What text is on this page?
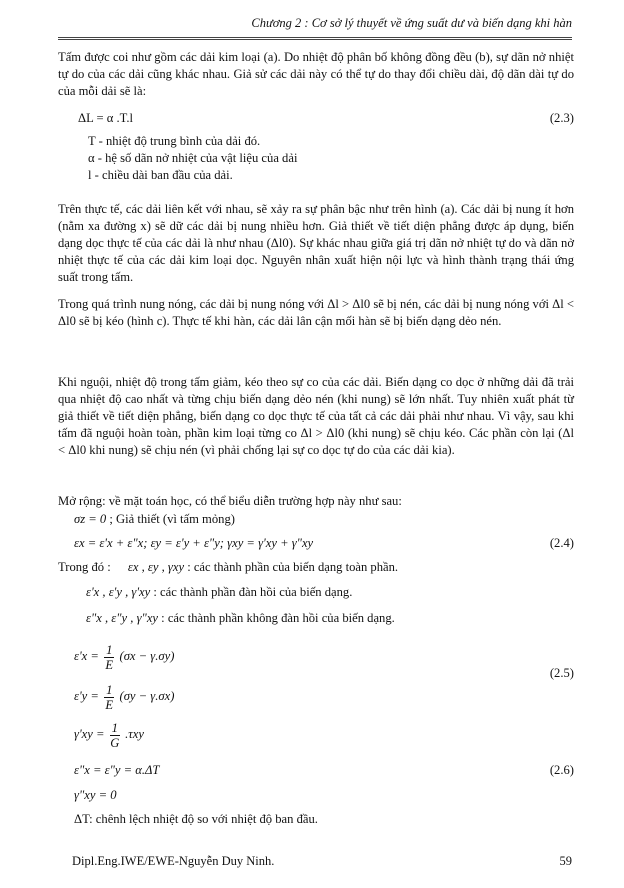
Chương 2 : Cơ sở lý thuyết về ứng suất dư và biến dạng khi hàn

Tấm được coi như gồm các dải kim loại (a). Do nhiệt độ phân bố không đồng đều (b), sự dãn nở nhiệt tự do của các dải cũng khác nhau. Giả sử các dải này có thể tự do thay đổi chiều dài, độ dãn dài tự do của mỗi dải sẽ là:

ΔL = α .T.l	(2.3)
T - nhiệt độ trung bình của dải đó.
α - hệ số dãn nở nhiệt của vật liệu của dải
l - chiều dài ban đầu của dải.

Trên thực tế, các dải liên kết với nhau, sẽ xảy ra sự phân bậc như trên hình (a). Các dải bị nung ít hơn (nằm xa đường x) sẽ dữ các dải bị nung nhiều hơn. Giả thiết về tiết diện phẳng được áp dụng, biến dạng dọc thực tế của các dải là như nhau (Δl0). Sự khác nhau giữa giá trị dãn nở nhiệt tự do và dãn nở nhiệt thực tế của các dải kim loại dọc. Nguyên nhân xuất hiện nội lực và hình thành trạng thái ứng suất trong tấm.

Trong quá trình nung nóng, các dải bị nung nóng với Δl > Δl0 sẽ bị nén, các dải bị nung nóng với Δl < Δl0 sẽ bị kéo (hình c). Thực tế khi hàn, các dải lân cận mối hàn sẽ bị biến dạng dẻo nén.

Khi nguội, nhiệt độ trong tấm giảm, kéo theo sự co của các dải. Biến dạng co dọc ở những dải đã trải qua nhiệt độ cao nhất và từng chịu biến dạng dẻo nén (khi nung) sẽ lớn nhất. Tuy nhiên xuất phát từ giả thiết về tiết diện phẳng, biến dạng co dọc thực tế của tất cả các dải phải như nhau. Vì vậy, sau khi tấm đã nguội hoàn toàn, phần kim loại từng co Δl > Δl0 (khi nung) sẽ chịu kéo. Các phần còn lại (Δl < Δl0 khi nung) sẽ chịu nén (vì phải chống lại sự co dọc tự do của các dải kia).

Mở rộng: về mặt toán học, có thể biểu diễn trường hợp này như sau:
σz = 0 ; Giả thiết (vì tấm mỏng)
εx = ε'x + ε"x; εy = ε'y + ε"y; γxy = γ'xy + γ"xy	(2.4)
Trong đó : εx , εy , γxy : các thành phần của biến dạng toàn phần.
ε'x , ε'y , γ'xy : các thành phần đàn hồi của biến dạng.
ε"x , ε"y , γ"xy : các thành phần không đàn hồi của biến dạng.
$\varepsilon'x = \frac{1}{E} (\sigma x - \gamma.\sigma y)$
(2.5)
$\varepsilon'y = \frac{1}{E} (\sigma y - \gamma.\sigma x)$
$\gamma'xy = \frac{1}{G} .\tau xy$
ε"x = ε"y = α.ΔT	(2.6)
γ"xy = 0
ΔT: chênh lệch nhiệt độ so với nhiệt độ ban đầu.
Dipl.Eng.IWE/EWE-Nguyễn Duy Ninh.	59
